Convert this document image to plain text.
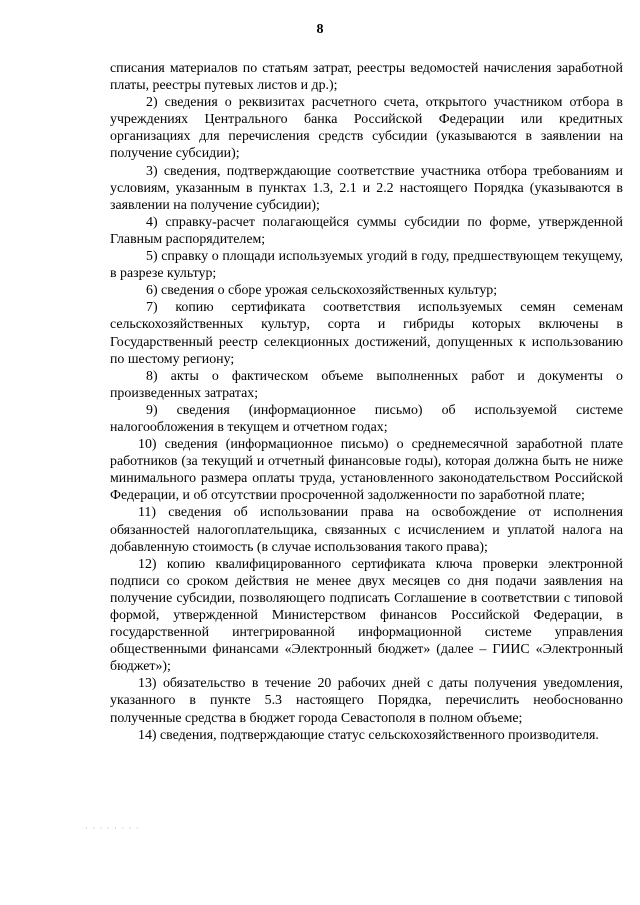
8

списания материалов по статьям затрат, реестры ведомостей начисления заработной платы, реестры путевых листов и др.);

2) сведения о реквизитах расчетного счета, открытого участником отбора в учреждениях Центрального банка Российской Федерации или кредитных организациях для перечисления средств субсидии (указываются в заявлении на получение субсидии);

3) сведения, подтверждающие соответствие участника отбора требованиям и условиям, указанным в пунктах 1.3, 2.1 и 2.2 настоящего Порядка (указываются в заявлении на получение субсидии);

4) справку-расчет полагающейся суммы субсидии по форме, утвержденной Главным распорядителем;

5) справку о площади используемых угодий в году, предшествующем текущему, в разрезе культур;

6) сведения о сборе урожая сельскохозяйственных культур;

7) копию сертификата соответствия используемых семян семенам сельскохозяйственных культур, сорта и гибриды которых включены в Государственный реестр селекционных достижений, допущенных к использованию по шестому региону;

8) акты о фактическом объеме выполненных работ и документы о произведенных затратах;

9) сведения (информационное письмо) об используемой системе налогообложения в текущем и отчетном годах;

10) сведения (информационное письмо) о среднемесячной заработной плате работников (за текущий и отчетный финансовые годы), которая должна быть не ниже минимального размера оплаты труда, установленного законодательством Российской Федерации, и об отсутствии просроченной задолженности по заработной плате;

11) сведения об использовании права на освобождение от исполнения обязанностей налогоплательщика, связанных с исчислением и уплатой налога на добавленную стоимость (в случае использования такого права);

12) копию квалифицированного сертификата ключа проверки электронной подписи со сроком действия не менее двух месяцев со дня подачи заявления на получение субсидии, позволяющего подписать Соглашение в соответствии с типовой формой, утвержденной Министерством финансов Российской Федерации, в государственной интегрированной информационной системе управления общественными финансами «Электронный бюджет» (далее – ГИИС «Электронный бюджет»);

13) обязательство в течение 20 рабочих дней с даты получения уведомления, указанного в пункте 5.3 настоящего Порядка, перечислить необоснованно полученные средства в бюджет города Севастополя в полном объеме;

14) сведения, подтверждающие статус сельскохозяйственного производителя.

· · · · · · · ·
